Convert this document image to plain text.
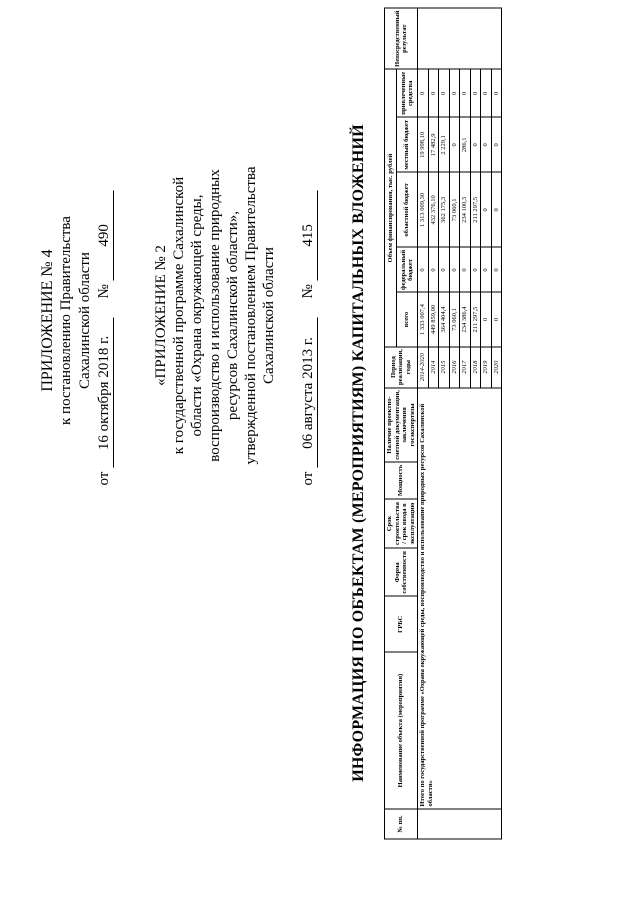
ПРИЛОЖЕНИЕ № 4 к постановлению Правительства Сахалинской области
от 16 октября 2018 г. № 490
«ПРИЛОЖЕНИЕ № 2 к государственной программе Сахалинской области «Охрана окружающей среды, воспроизводство и использование природных ресурсов Сахалинской области», утвержденной постановлением Правительства Сахалинской области
от 06 августа 2013 г. № 415 ИНФОРМАЦИЯ ПО ОБЪЕКТАМ (МЕРОПРИЯТИЯМ) КАПИТАЛЬНЫХ ВЛОЖЕНИЙ
№ пп.	Наименование объекта (мероприятия)	ГРБС	Форма собственности	Срок строительства / срок ввода в эксплуатацию	Мощность	Наличие проектно-сметной документации, заключения госэкспертизы	Период реализации, годы	Объем финансирования, тыс. рублей					Непосредственный результат
								всего	федеральный бюджет	областной бюджет	местный бюджет	привлеченные средства	
	Итого по государственной программе «Охрана окружающей среды, воспроизводство и использование природных ресурсов Сахалинской области»						2014-2020	1 333 007,4	0	1 313 009,30	19 998,10	0	
							2014	449 859,00	0	432 376,10	17 482,9	0	
							2015	364 404,4	0	362 175,3	2 229,1	0	
							2016	73 060,1	0	73 060,1	0	0	
							2017	234 386,4	0	234 100,3	286,1	0	
							2018	211 297,5	0	211 297,5	0	0	
							2019	0	0	0	0	0	
							2020	0	0	0	0	0	
